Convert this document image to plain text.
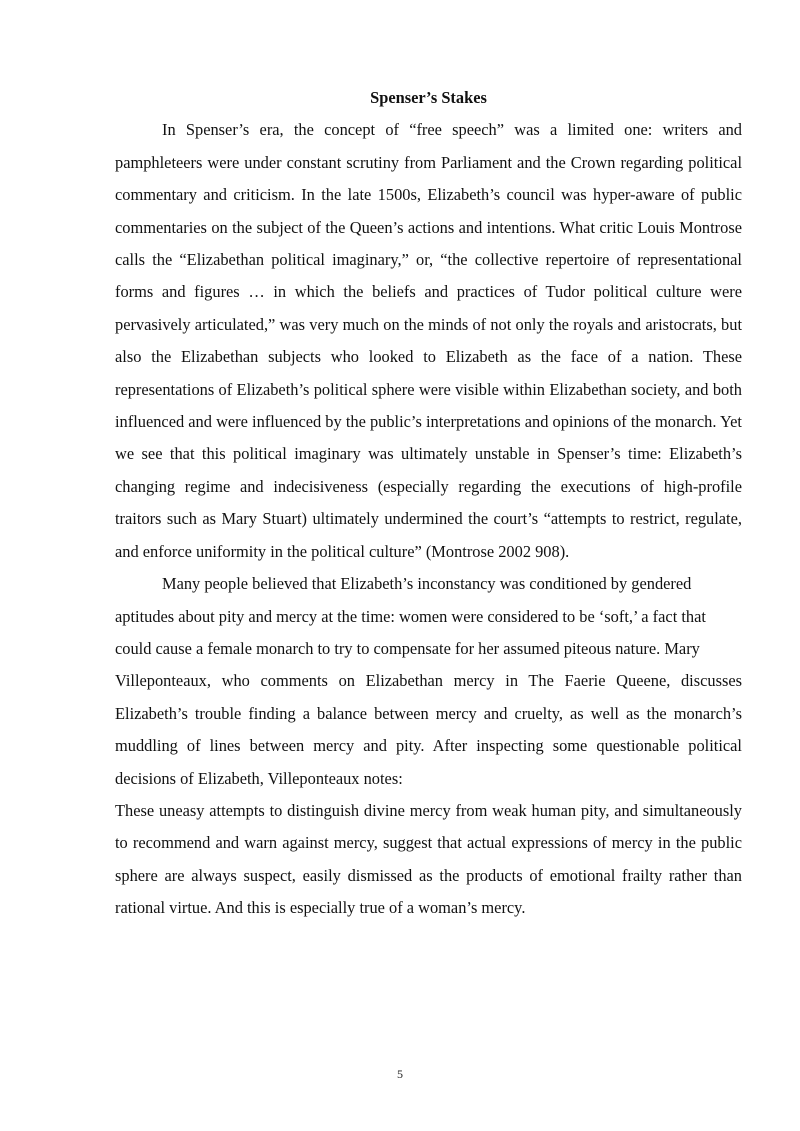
Spenser’s Stakes

In Spenser’s era, the concept of “free speech” was a limited one: writers and pamphleteers were under constant scrutiny from Parliament and the Crown regarding political commentary and criticism. In the late 1500s, Elizabeth’s council was hyper-aware of public commentaries on the subject of the Queen’s actions and intentions. What critic Louis Montrose calls the “Elizabethan political imaginary,” or, “the collective repertoire of representational forms and figures … in which the beliefs and practices of Tudor political culture were pervasively articulated,” was very much on the minds of not only the royals and aristocrats, but also the Elizabethan subjects who looked to Elizabeth as the face of a nation. These representations of Elizabeth’s political sphere were visible within Elizabethan society, and both influenced and were influenced by the public’s interpretations and opinions of the monarch. Yet we see that this political imaginary was ultimately unstable in Spenser’s time: Elizabeth’s changing regime and indecisiveness (especially regarding the executions of high-profile traitors such as Mary Stuart) ultimately undermined the court’s “attempts to restrict, regulate, and enforce uniformity in the political culture” (Montrose 2002 908).

Many people believed that Elizabeth’s inconstancy was conditioned by gendered aptitudes about pity and mercy at the time: women were considered to be ‘soft,’ a fact that could cause a female monarch to try to compensate for her assumed piteous nature. Mary

Villeponteaux, who comments on Elizabethan mercy in The Faerie Queene, discusses Elizabeth’s trouble finding a balance between mercy and cruelty, as well as the monarch’s muddling of lines between mercy and pity. After inspecting some questionable political decisions of Elizabeth, Villeponteaux notes:

These uneasy attempts to distinguish divine mercy from weak human pity, and simultaneously to recommend and warn against mercy, suggest that actual expressions of mercy in the public sphere are always suspect, easily dismissed as the products of emotional frailty rather than rational virtue. And this is especially true of a woman’s mercy.

5
